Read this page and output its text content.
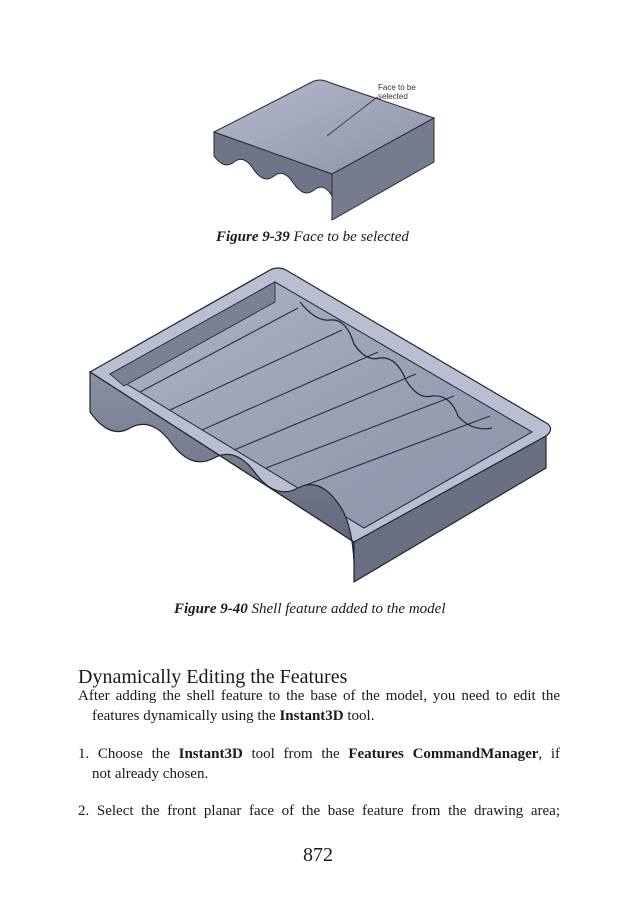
Face to be
selected
Figure 9-39 Face to be selected
Figure 9-40 Shell feature added to the model
Dynamically Editing the Features
After adding the shell feature to the base of the model, you need to edit the
features dynamically using the Instant3D tool.
1. Choose the Instant3D tool from the Features CommandManager, if
not already chosen.
2. Select the front planar face of the base feature from the drawing area;
872
